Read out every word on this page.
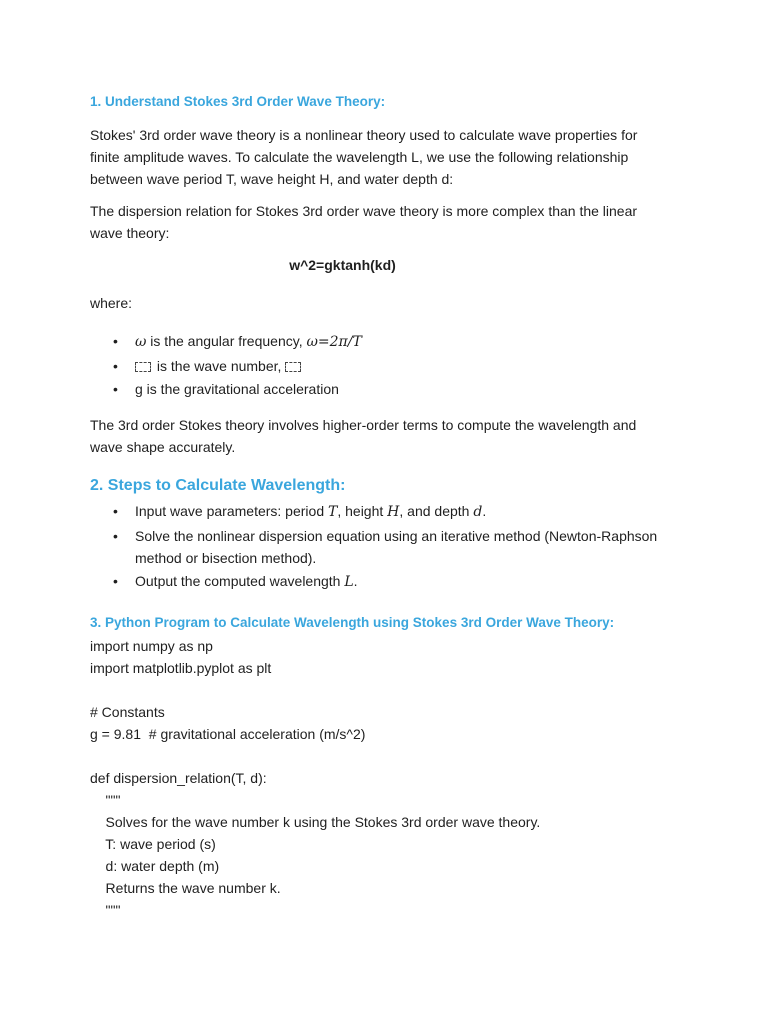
1. Understand Stokes 3rd Order Wave Theory:

Stokes' 3rd order wave theory is a nonlinear theory used to calculate wave properties for finite amplitude waves. To calculate the wavelength L, we use the following relationship between wave period T, wave height H, and water depth d:

The dispersion relation for Stokes 3rd order wave theory is more complex than the linear wave theory:

w^2=gktanh(kd)

where:

• ω is the angular frequency, ω=2π/T
•	is the wave number,
• g is the gravitational acceleration

The 3rd order Stokes theory involves higher-order terms to compute the wavelength and wave shape accurately.

2. Steps to Calculate Wavelength:
• Input wave parameters: period T, height H, and depth d.
• Solve the nonlinear dispersion equation using an iterative method (Newton-Raphson method or bisection method).
• Output the computed wavelength L.
3. Python Program to Calculate Wavelength using Stokes 3rd Order Wave Theory:
import numpy as np
import matplotlib.pyplot as plt
# Constants
g = 9.81  # gravitational acceleration (m/s^2)
def dispersion_relation(T, d):
"""
Solves for the wave number k using the Stokes 3rd order wave theory.
T: wave period (s)
d: water depth (m)
Returns the wave number k.
"""
